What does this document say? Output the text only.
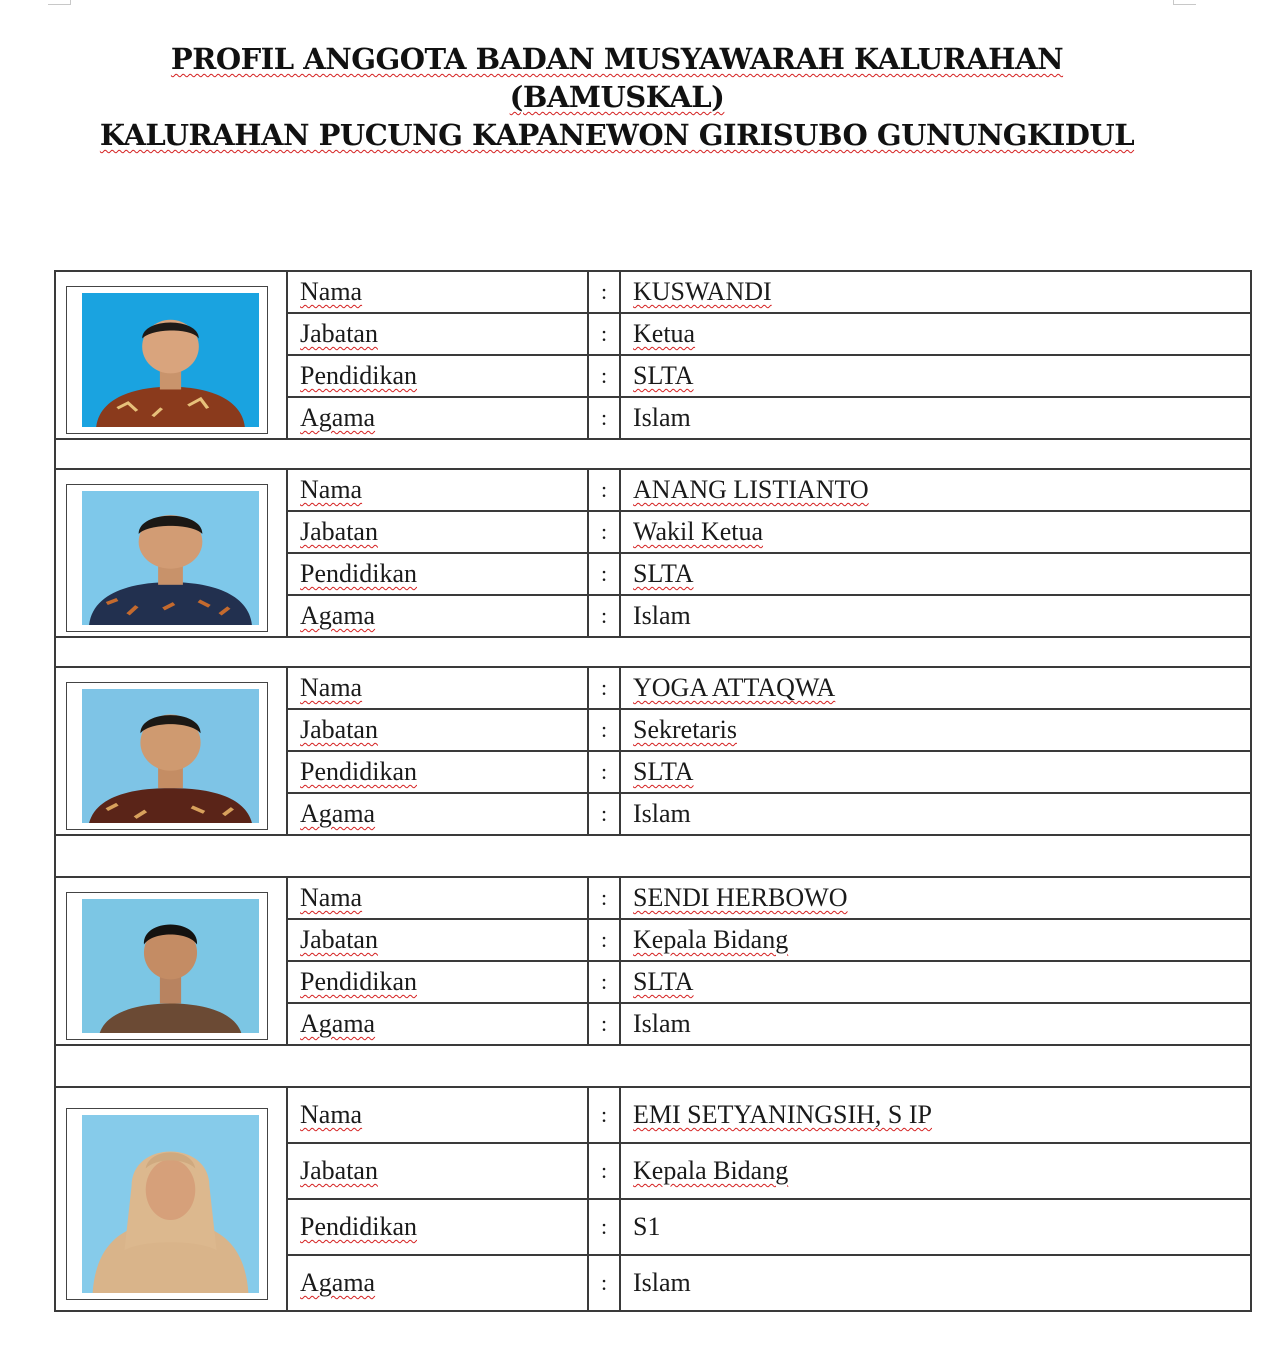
PROFIL ANGGOTA BADAN MUSYAWARAH KALURAHAN
(BAMUSKAL)
KALURAHAN PUCUNG KAPANEWON GIRISUBO GUNUNGKIDUL
	Nama	:	KUSWANDI
	Jabatan	:	Ketua
	Pendidikan	:	SLTA
	Agama	:	Islam

	Nama	:	ANANG LISTIANTO
	Jabatan	:	Wakil Ketua
	Pendidikan	:	SLTA
	Agama	:	Islam

	Nama	:	YOGA ATTAQWA
	Jabatan	:	Sekretaris
	Pendidikan	:	SLTA
	Agama	:	Islam

	Nama	:	SENDI HERBOWO
	Jabatan	:	Kepala Bidang
	Pendidikan	:	SLTA
	Agama	:	Islam

	Nama	:	EMI SETYANINGSIH, S IP
	Jabatan	:	Kepala Bidang
	Pendidikan	:	S1
	Agama	:	Islam
